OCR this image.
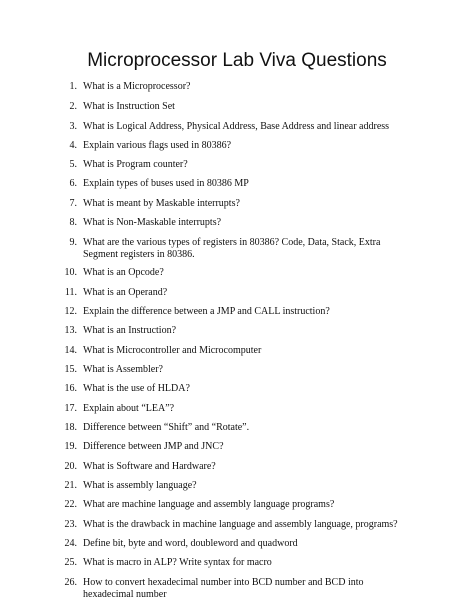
Microprocessor Lab Viva Questions
1. What is a Microprocessor?
2. What is Instruction Set
3. What is Logical Address, Physical Address, Base Address and linear address
4. Explain various flags used in 80386?
5. What is Program counter?
6. Explain types of buses used in 80386 MP
7. What is meant by Maskable interrupts?
8. What is Non-Maskable interrupts?
9. What are the various types of registers in 80386? Code, Data, Stack, Extra Segment registers in 80386.
10. What is an Opcode?
11. What is an Operand?
12. Explain the difference between a JMP and CALL instruction?
13. What is an Instruction?
14. What is Microcontroller and Microcomputer
15. What is Assembler?
16. What is the use of HLDA?
17. Explain about “LEA”?
18. Difference between “Shift” and “Rotate”.
19. Difference between JMP and JNC?
20. What is Software and Hardware?
21. What is assembly language?
22. What are machine language and assembly language programs?
23. What is the drawback in machine language and assembly language, programs?
24. Define bit, byte and word, doubleword and quadword
25. What is macro in ALP? Write syntax for macro
26. How to convert hexadecimal number into BCD number and BCD into hexadecimal number
